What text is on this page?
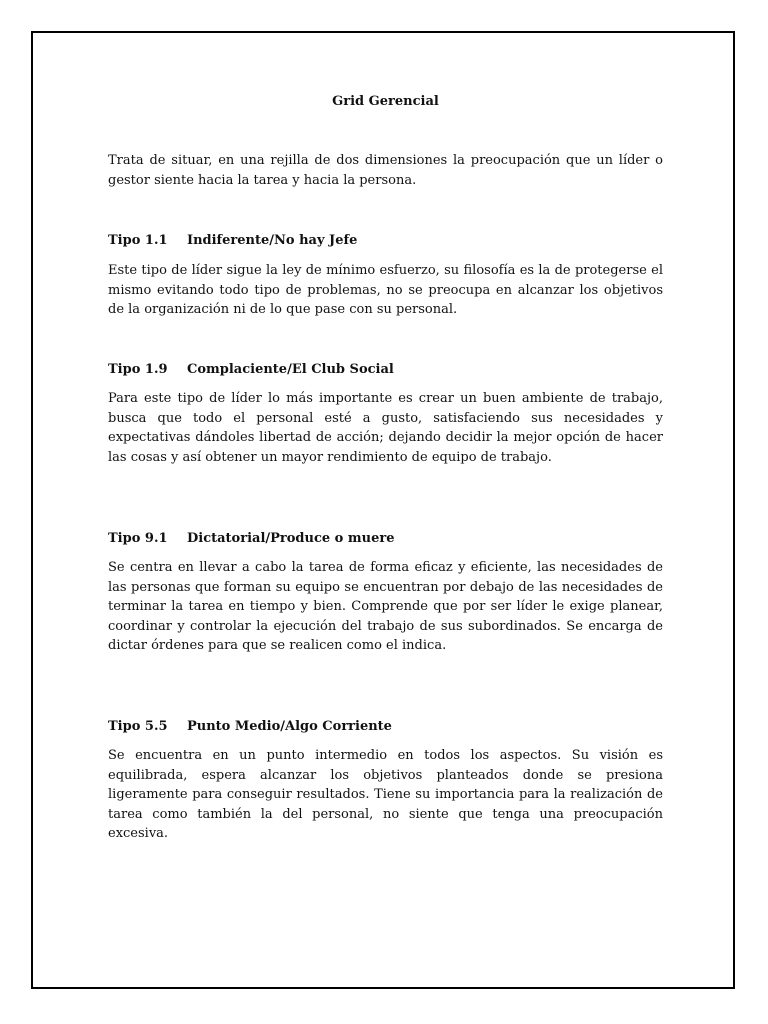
Grid Gerencial

Trata de situar, en una rejilla de dos dimensiones la preocupación que un líder o gestor siente hacia la tarea y hacia la persona.

Tipo 1.1 Indiferente/No hay Jefe

Este tipo de líder sigue la ley de mínimo esfuerzo, su filosofía es la de protegerse el mismo evitando todo tipo de problemas, no se preocupa en alcanzar los objetivos de la organización ni de lo que pase con su personal.

Tipo 1.9 Complaciente/El Club Social

Para este tipo de líder lo más importante es crear un buen ambiente de trabajo, busca que todo el personal esté a gusto, satisfaciendo sus necesidades y expectativas dándoles libertad de acción; dejando decidir la mejor opción de hacer las cosas y así obtener un mayor rendimiento de equipo de trabajo.

Tipo 9.1 Dictatorial/Produce o muere

Se centra en llevar a cabo la tarea de forma eficaz y eficiente, las necesidades de las personas que forman su equipo se encuentran por debajo de las necesidades de terminar la tarea en tiempo y bien. Comprende que por ser líder le exige planear, coordinar y controlar la ejecución del trabajo de sus subordinados. Se encarga de dictar órdenes para que se realicen como el indica.

Tipo 5.5 Punto Medio/Algo Corriente

Se encuentra en un punto intermedio en todos los aspectos. Su visión es equilibrada, espera alcanzar los objetivos planteados donde se presiona ligeramente para conseguir resultados. Tiene su importancia para la realización de tarea como también la del personal, no siente que tenga una preocupación excesiva.
